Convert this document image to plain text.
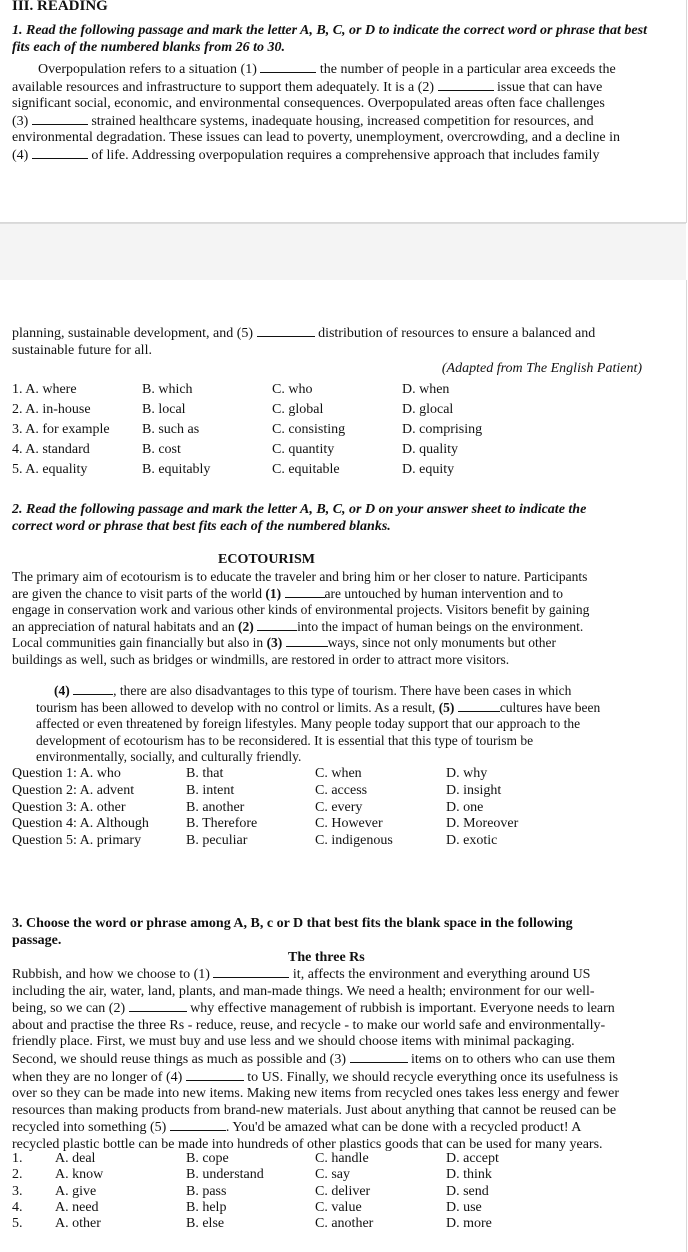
III. READING
1. Read the following passage and mark the letter A, B, C, or D to indicate the correct word or phrase that best fits each of the numbered blanks from 26 to 30.

Overpopulation refers to a situation (1)	the number of people in a particular area exceeds the

available resources and infrastructure to support them adequately. It is a (2)	issue that can have

significant social, economic, and environmental consequences. Overpopulated areas often face challenges

(3)	strained healthcare systems, inadequate housing, increased competition for resources, and

environmental degradation. These issues can lead to poverty, unemployment, overcrowding, and a decline in

(4)	of life. Addressing overpopulation requires a comprehensive approach that includes family

planning, sustainable development, and (5)	distribution of resources to ensure a balanced and

sustainable future for all.

(Adapted from The English Patient)
1. A. where	B. which	C. who	D. when
2. A. in-house	B. local	C. global	D. glocal
3. A. for example B. such as	C. consisting	D. comprising
4. A. standard	B. cost	C. quantity	D. quality
5. A. equality	B. equitably	C. equitable	D. equity

2. Read the following passage and mark the letter A, B, C, or D on your answer sheet to indicate the

correct word or phrase that best fits each of the numbered blanks.

ECOTOURISM

The primary aim of ecotourism is to educate the traveler and bring him or her closer to nature. Participants

are given the chance to visit parts of the world (1)	are untouched by human intervention and to

engage in conservation work and various other kinds of environmental projects. Visitors benefit by gaining

an appreciation of natural habitats and an (2)	into the impact of human beings on the environment.

Local communities gain financially but also in (3)	ways, since not only monuments but other

buildings as well, such as bridges or windmills, are restored in order to attract more visitors.

(4)	, there are also disadvantages to this type of tourism. There have been cases in which

tourism has been allowed to develop with no control or limits. As a result, (5)	cultures have been

affected or even threatened by foreign lifestyles. Many people today support that our approach to the

development of ecotourism has to be reconsidered. It is essential that this type of tourism be

environmentally, socially, and culturally friendly.

Question 1: A. who	B. that	C. when	D. why
Question 2: A. advent	B. intent	C. access	D. insight
Question 3: A. other	B. another	C. every	D. one
Question 4: A. Although	B. Therefore	C. However	D. Moreover
Question 5: A. primary	B. peculiar	C. indigenous	D. exotic

3. Choose the word or phrase among A, B, c or D that best fits the blank space in the following

passage.

The three Rs

Rubbish, and how we choose to (1)	it, affects the environment and everything around US

including the air, water, land, plants, and man-made things. We need a health; environment for our well-

being, so we can (2)	why effective management of rubbish is important. Everyone needs to learn

about and practise the three Rs - reduce, reuse, and recycle - to make our world safe and environmentally-

friendly place. First, we must buy and use less and we should choose items with minimal packaging.

Second, we should reuse things as much as possible and (3)	items on to others who can use them

when they are no longer of (4)	to US. Finally, we should recycle everything once its usefulness is

over so they can be made into new items. Making new items from recycled ones takes less energy and fewer

resources than making products from brand-new materials. Just about anything that cannot be reused can be

recycled into something (5)	. You'd be amazed what can be done with a recycled product! A

recycled plastic bottle can be made into hundreds of other plastics goods that can be used for many years.

1. A. deal	B. cope	C. handle	D. accept
2. A. know	B. understand	C. say	D. think
3. A. give	B. pass	C. deliver	D. send
4. A. need	B. help	C. value	D. use
5. A. other	B. else	C. another	D. more
